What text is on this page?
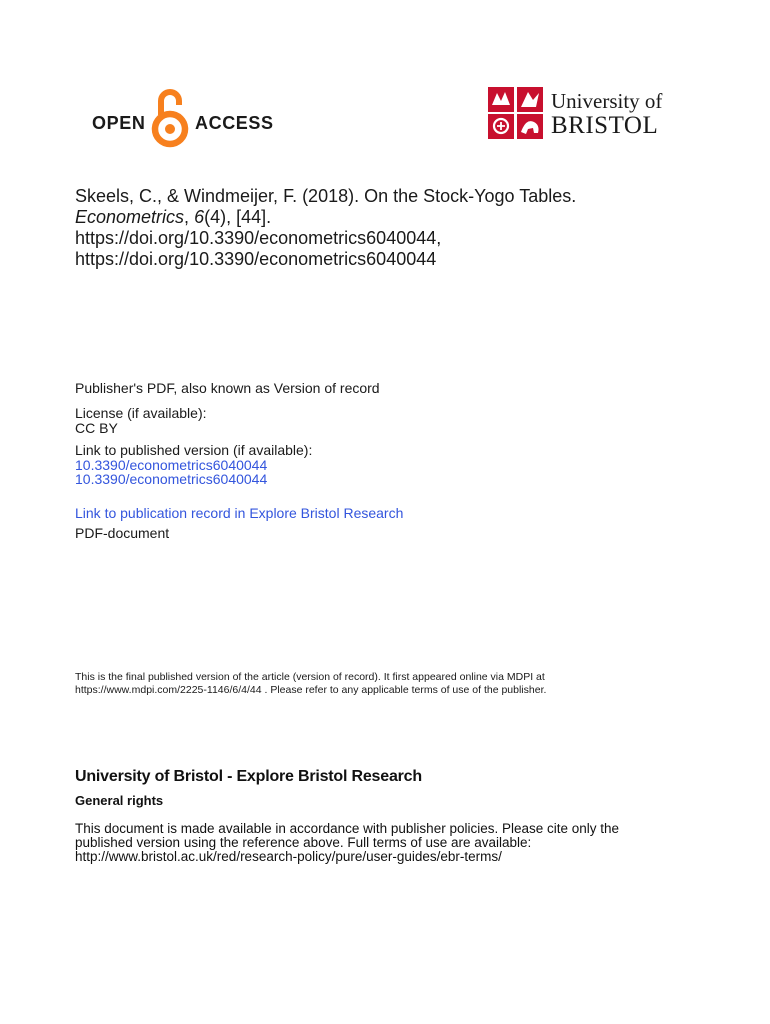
OPEN	ACCESS
University of
BRISTOL
Skeels, C., & Windmeijer, F. (2018). On the Stock-Yogo Tables.
Econometrics, 6(4), [44].
https://doi.org/10.3390/econometrics6040044,
https://doi.org/10.3390/econometrics6040044
Publisher's PDF, also known as Version of record
License (if available):
CC BY
Link to published version (if available):
10.3390/econometrics6040044
10.3390/econometrics6040044
Link to publication record in Explore Bristol Research
PDF-document
This is the final published version of the article (version of record). It first appeared online via MDPI at
https://www.mdpi.com/2225-1146/6/4/44 . Please refer to any applicable terms of use of the publisher.
University of Bristol - Explore Bristol Research
General rights
This document is made available in accordance with publisher policies. Please cite only the
published version using the reference above. Full terms of use are available:
http://www.bristol.ac.uk/red/research-policy/pure/user-guides/ebr-terms/
